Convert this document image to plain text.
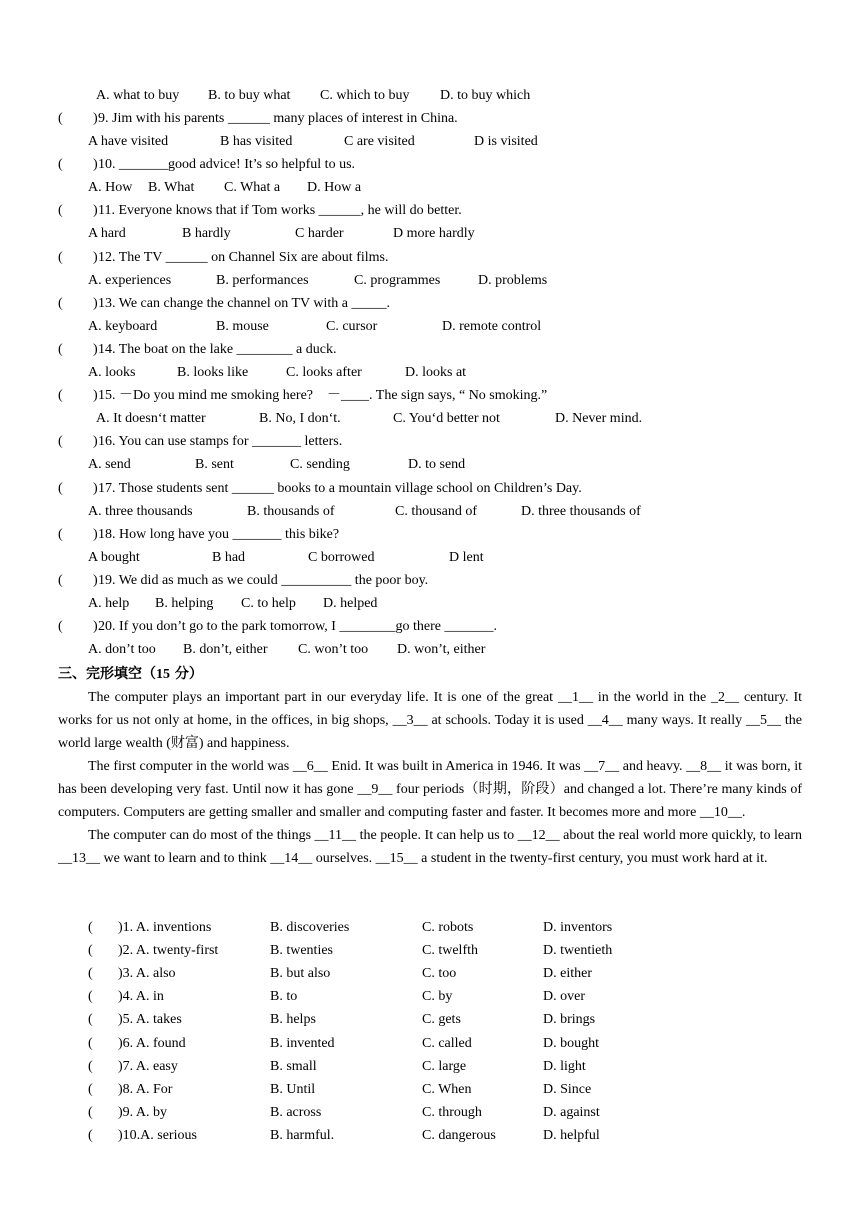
A. what to buy B. to buy what C. which to buy D. to buy which
( ) 9. Jim with his parents ______ many places of interest in China.
A have visited	B has visited	C are visited	D is visited
( ) 10. _______good advice! It’s so helpful to us.
A. How B. What C. What a D. How a
( ) 11. Everyone knows that if Tom works ______, he will do better.
A hard	B hardly	C harder	D more hardly
( ) 12. The TV ______ on Channel Six are about films.
A. experiences	B. performances	C. programmes	D. problems
( ) 13. We can change the channel on TV with a _____.
A. keyboard	B. mouse	C. cursor	D. remote control
( ) 14. The boat on the lake ________ a duck.
A. looks	B. looks like	C. looks after	D. looks at
( ) 15. －Do you mind me smoking here?　－____. The sign says, “ No smoking.”
A. It doesn‘t matter	B. No, I don‘t.	C. You‘d better not	D. Never mind.
( ) 16. You can use stamps for _______ letters.
A. send	B. sent	C. sending	D. to send
( ) 17. Those students sent ______ books to a mountain village school on Children’s Day.
A. three thousands	B. thousands of	C. thousand of	D. three thousands of
( ) 18. How long have you _______ this bike?
A bought	B had	C borrowed	D lent
( ) 19. We did as much as we could __________ the poor boy.
A. help B. helping C. to help D. helped
( ) 20. If you don’t go to the park tomorrow, I ________go there _______.
A. don’t too B. don’t, either C. won’t too D. won’t, either
三、完形填空（15 分）

The computer plays an important part in our everyday life. It is one of the great __1__ in the world in the _2__ century. It works for us not only at home, in the offices, in big shops, __3__ at schools. Today it is used __4__ many ways. It really __5__ the world large wealth (财富) and happiness.

The first computer in the world was __6__ Enid. It was built in America in 1946. It was __7__ and heavy. __8__ it was born, it has been developing very fast. Until now it has gone __9__ four periods（时期，阶段）and changed a lot. There’re many kinds of computers. Computers are getting smaller and smaller and computing faster and faster. It becomes more and more __10__.

The computer can do most of the things __11__ the people. It can help us to __12__ about the real world more quickly, to learn __13__ we want to learn and to think __14__ ourselves. __15__ a student in the twenty-first century, you must work hard at it.

( )1. A. inventions	B. discoveries	C. robots	D. inventors
( )2. A. twenty-first	B. twenties	C. twelfth	D. twentieth
( )3. A. also	B. but also	C. too	D. either
( )4. A. in	B. to	C. by	D. over
( )5. A. takes	B. helps	C. gets	D. brings
( )6. A. found	B. invented	C. called	D. bought
( )7. A. easy	B. small	C. large	D. light
( )8. A. For	B. Until	C. When	D. Since
( )9. A. by	B. across	C. through	D. against
( )10.A. serious	B. harmful.	C. dangerous	D. helpful
